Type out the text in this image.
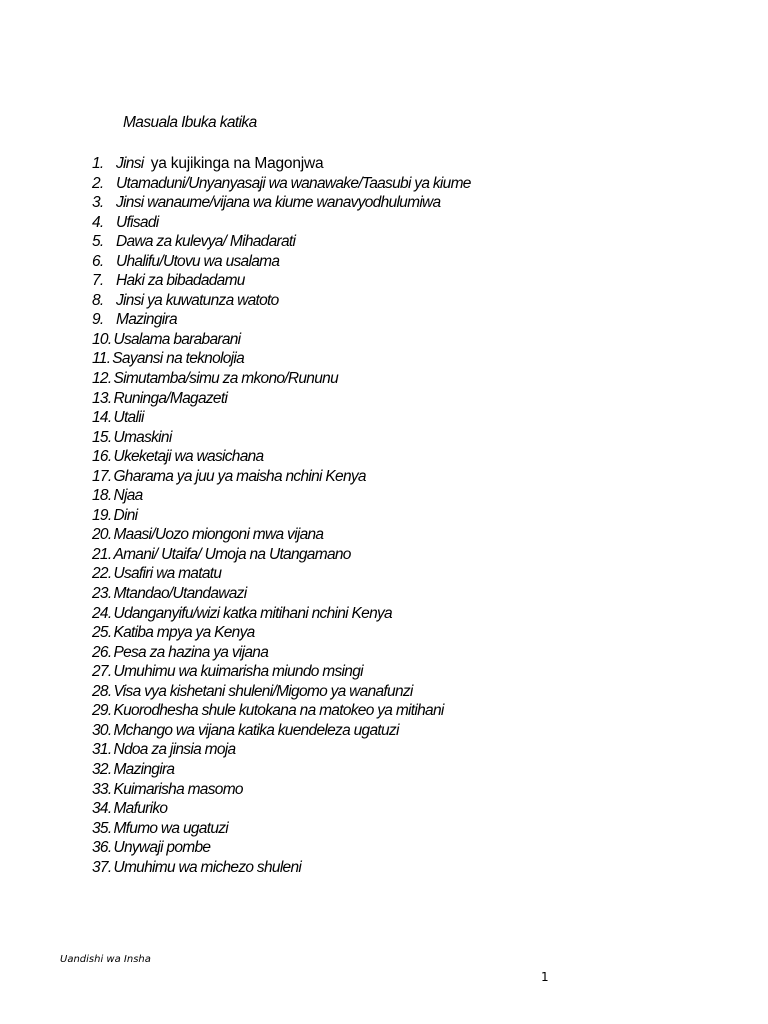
Masuala Ibuka katika
1. Jinsi ya kujikinga na Magonjwa
2. Utamaduni/Unyanyasaji wa wanawake/Taasubi ya kiume
3. Jinsi wanaume/vijana wa kiume wanavyodhulumiwa
4. Ufisadi
5. Dawa za kulevya/ Mihadarati
6. Uhalifu/Utovu wa usalama
7. Haki za bibadadamu
8. Jinsi ya kuwatunza watoto
9. Mazingira
10. Usalama barabarani
11. Sayansi na teknolojia
12. Simutamba/simu za mkono/Rununu
13. Runinga/Magazeti
14. Utalii
15. Umaskini
16. Ukeketaji wa wasichana
17. Gharama ya juu ya maisha nchini Kenya
18. Njaa
19. Dini
20. Maasi/Uozo miongoni mwa vijana
21. Amani/ Utaifa/ Umoja na Utangamano
22. Usafiri wa matatu
23. Mtandao/Utandawazi
24. Udanganyifu/wizi katka mitihani nchini Kenya
25. Katiba mpya ya Kenya
26. Pesa za hazina ya vijana
27. Umuhimu wa kuimarisha miundo msingi
28. Visa vya kishetani shuleni/Migomo ya wanafunzi
29. Kuorodhesha shule kutokana na matokeo ya mitihani
30. Mchango wa vijana katika kuendeleza ugatuzi
31. Ndoa za jinsia moja
32. Mazingira
33. Kuimarisha masomo
34. Mafuriko
35. Mfumo wa ugatuzi
36. Unywaji pombe
37. Umuhimu wa michezo shuleni
Uandishi wa Insha
1
